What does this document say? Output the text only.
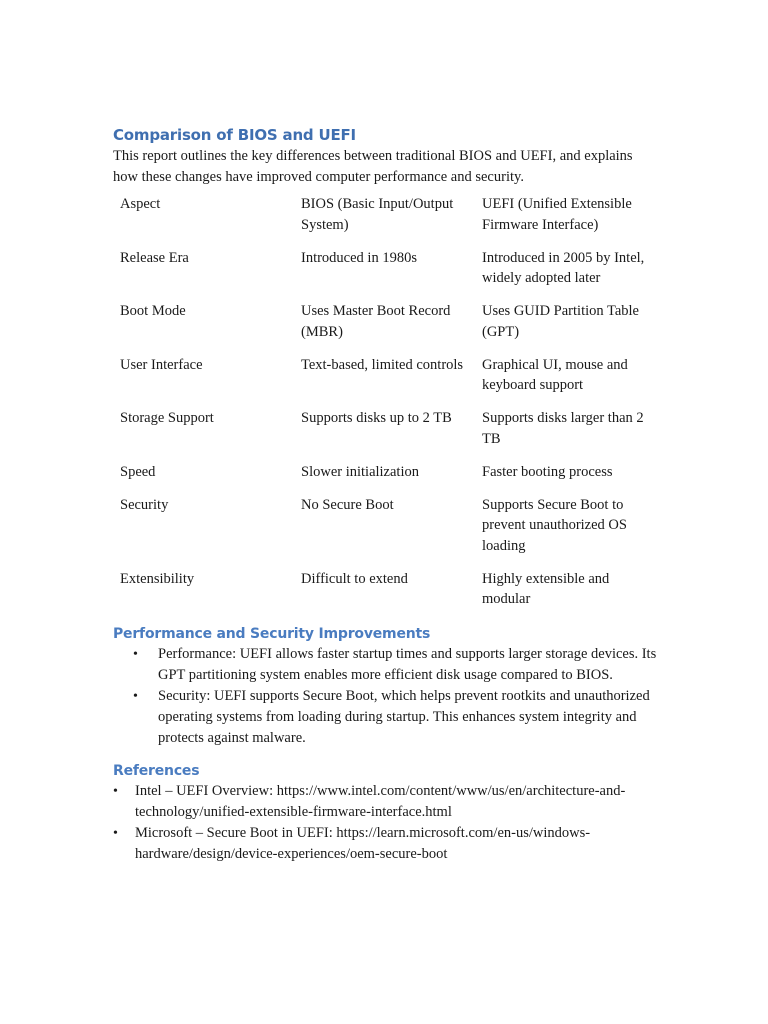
Comparison of BIOS and UEFI

This report outlines the key differences between traditional BIOS and UEFI, and explains how these changes have improved computer performance and security.

Aspect	BIOS (Basic Input/Output System)	UEFI (Unified Extensible Firmware Interface)
Release Era	Introduced in 1980s	Introduced in 2005 by Intel, widely adopted later
Boot Mode	Uses Master Boot Record (MBR)	Uses GUID Partition Table (GPT)
User Interface	Text-based, limited controls	Graphical UI, mouse and keyboard support
Storage Support	Supports disks up to 2 TB	Supports disks larger than 2 TB
Speed	Slower initialization	Faster booting process
Security	No Secure Boot	Supports Secure Boot to prevent unauthorized OS loading
Extensibility	Difficult to extend	Highly extensible and modular
Performance and Security Improvements
• Performance: UEFI allows faster startup times and supports larger storage devices. Its GPT partitioning system enables more efficient disk usage compared to BIOS.
• Security: UEFI supports Secure Boot, which helps prevent rootkits and unauthorized operating systems from loading during startup. This enhances system integrity and protects against malware.
References
• Intel – UEFI Overview: https://www.intel.com/content/www/us/en/architecture-and-technology/unified-extensible-firmware-interface.html
• Microsoft – Secure Boot in UEFI: https://learn.microsoft.com/en-us/windows-hardware/design/device-experiences/oem-secure-boot
